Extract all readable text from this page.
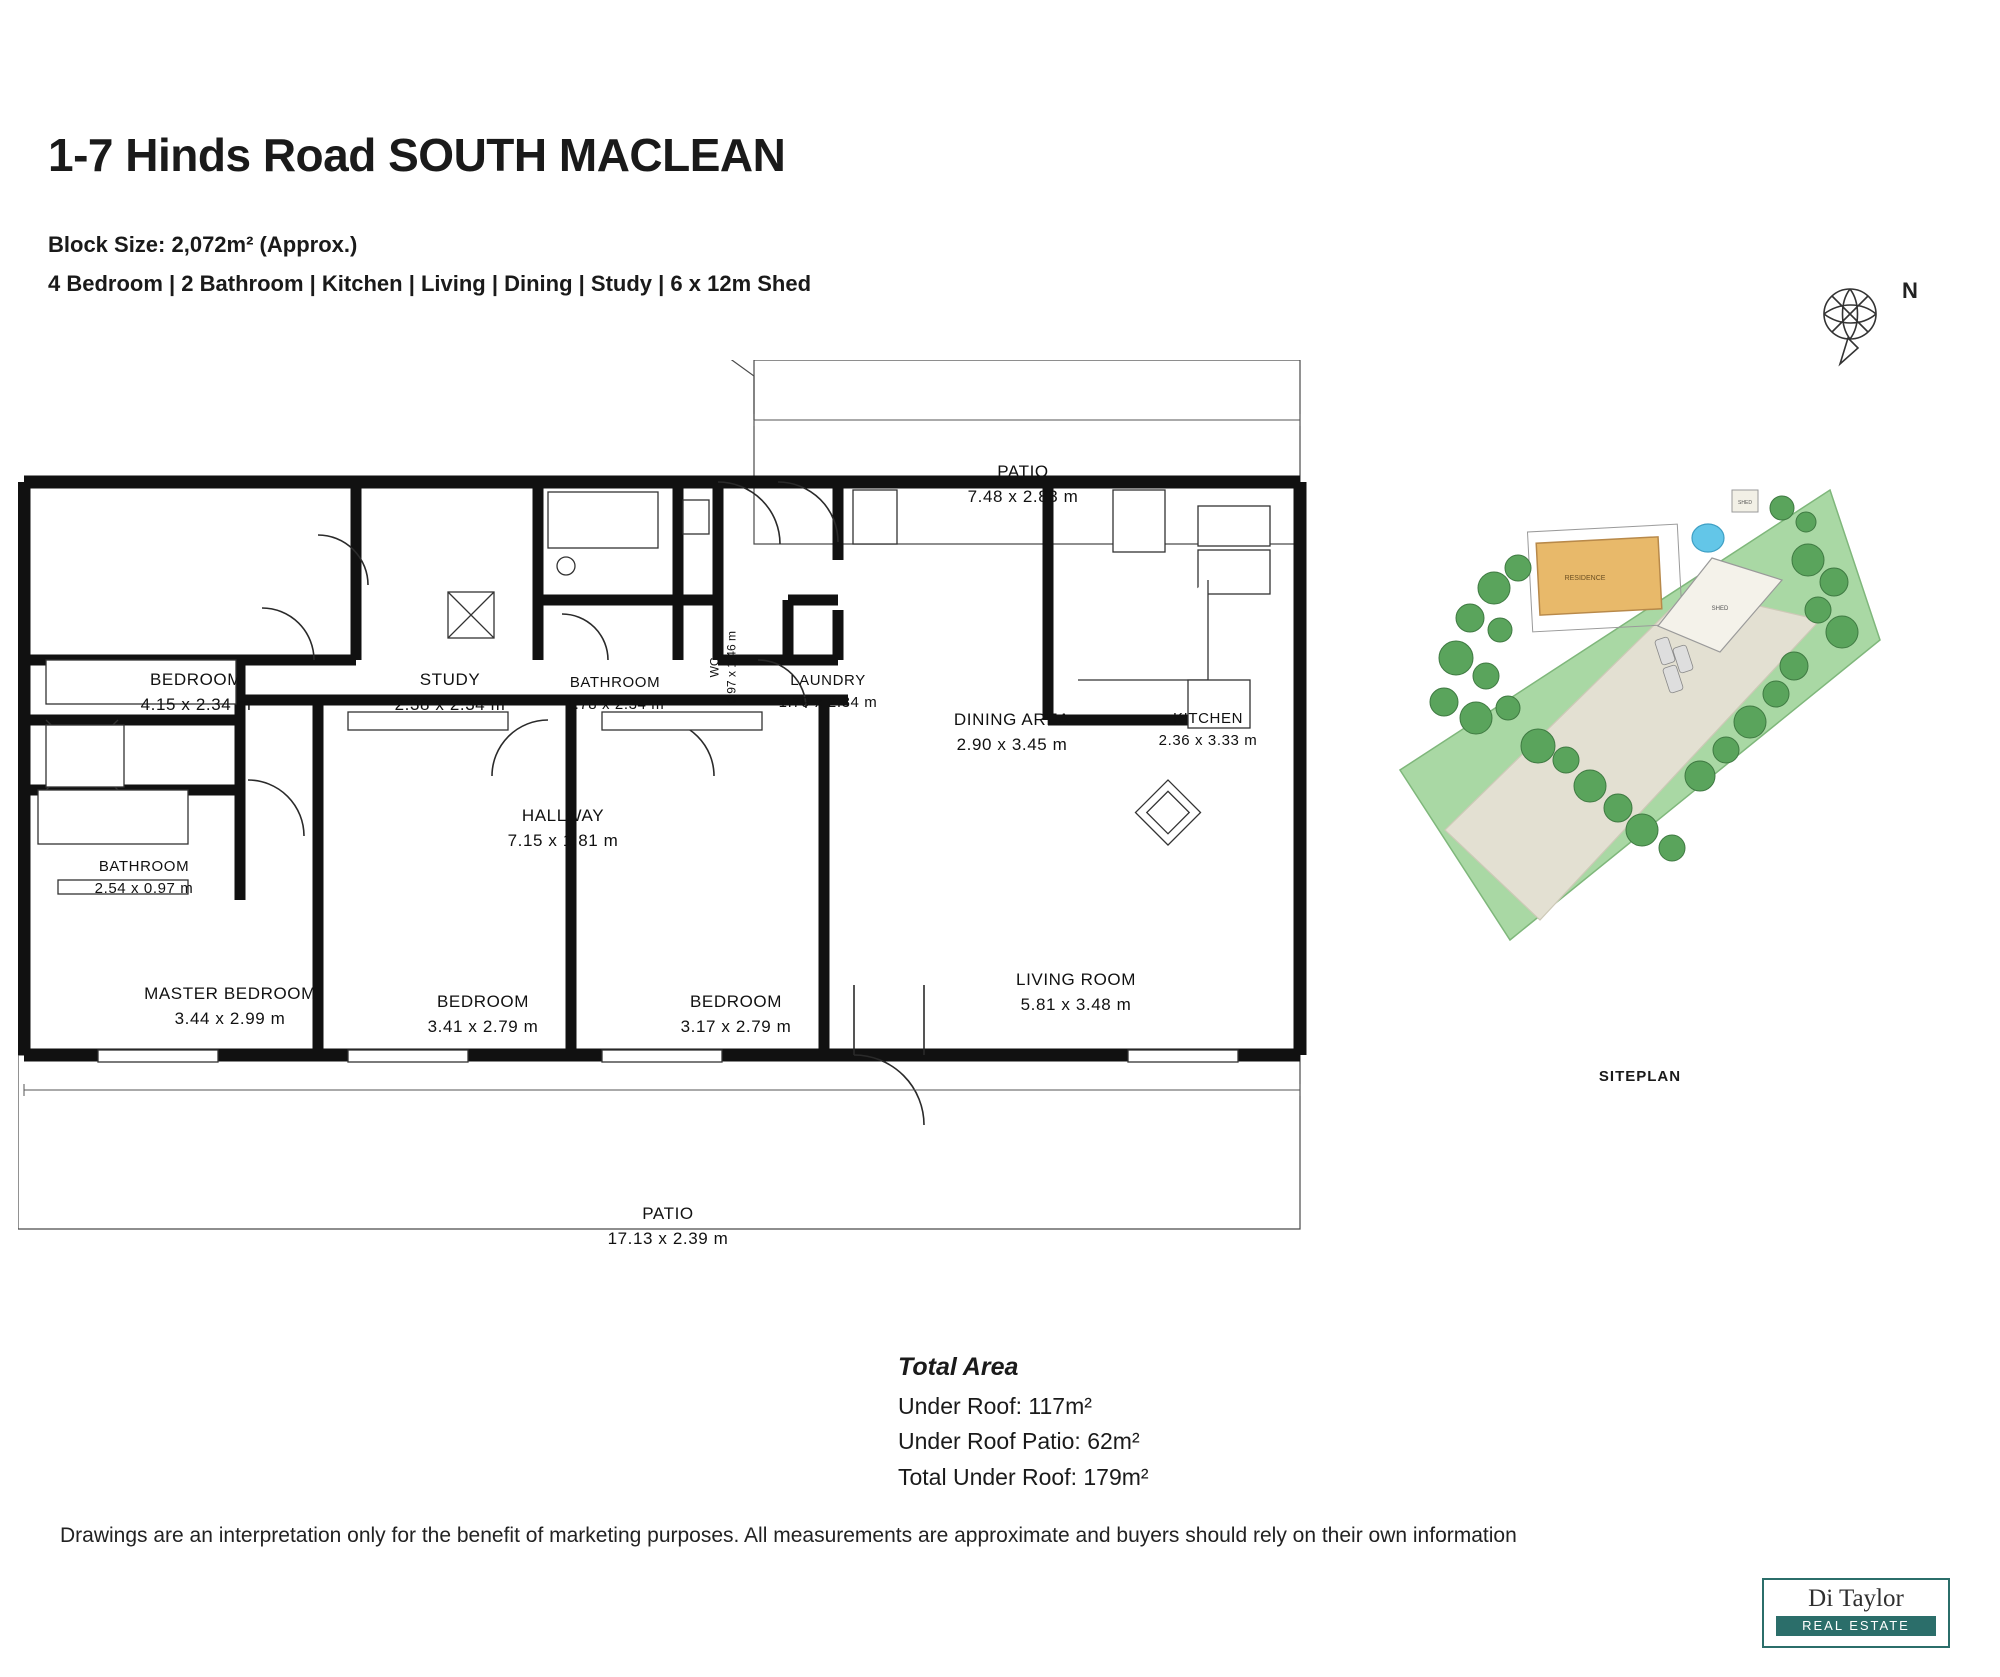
1-7 Hinds Road SOUTH MACLEAN
Block Size: 2,072m² (Approx.)
4 Bedroom | 2 Bathroom | Kitchen | Living | Dining | Study | 6 x 12m Shed	N
PATIO
7.48 x 2.83 m
BEDROOM
4.15 x 2.34 m
STUDY
2.38 x 2.34 m
BATHROOM
1.78 x 2.34 m
WC 0.97 x 1.46 m	LAUNDRY
1.79 x 2.34 m
DINING AREA
2.90 x 3.45 m
KITCHEN
2.36 x 3.33 m
HALLWAY
7.15 x 1.81 m
BATHROOM
2.54 x 0.97 m
MASTER BEDROOM
3.44 x 2.99 m
BEDROOM
3.41 x 2.79 m
BEDROOM
3.17 x 2.79 m
LIVING ROOM
5.81 x 3.48 m
PATIO
17.13 x 2.39 m
RESIDENCE
SHED
SHED
SITEPLAN
Total Area
Under Roof: 117m²
Under Roof Patio: 62m²
Total Under Roof: 179m²
Drawings are an interpretation only for the benefit of marketing purposes. All measurements are approximate and buyers should rely on their own information
Di Taylor
REAL ESTATE
